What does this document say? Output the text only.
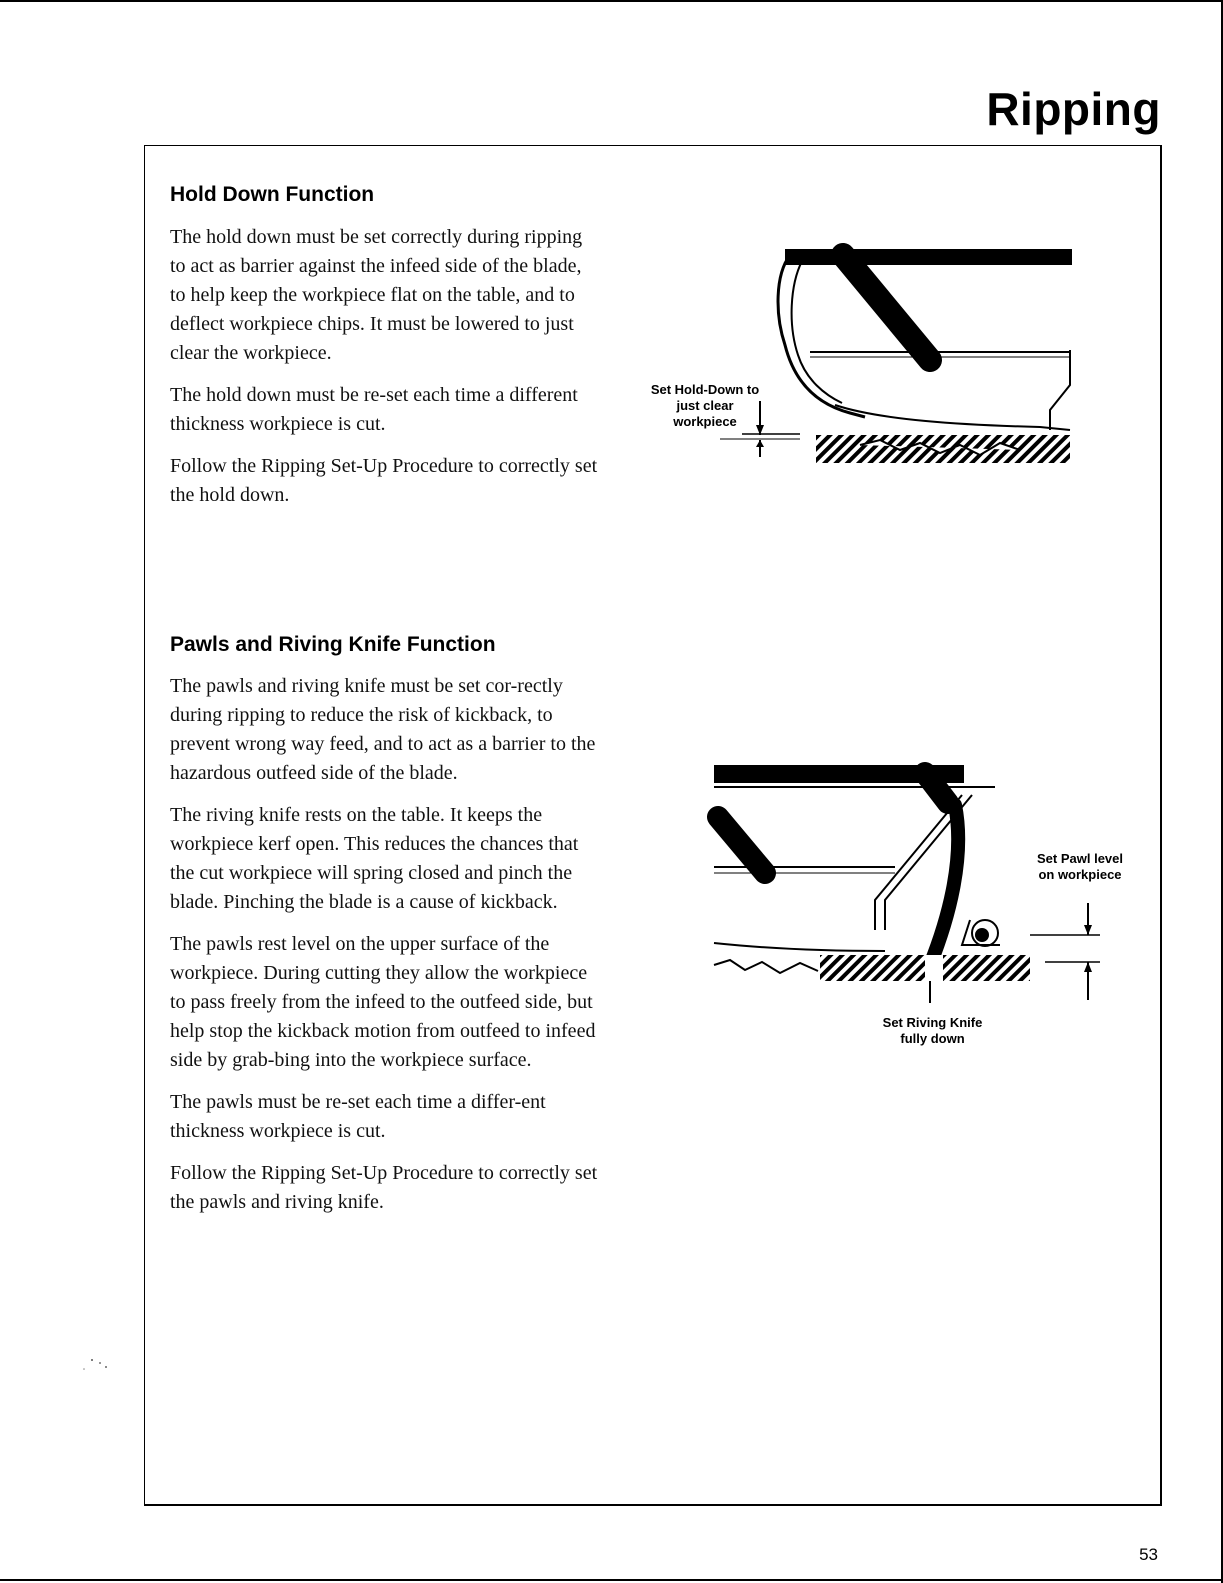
Ripping
Hold Down Function

The hold down must be set correctly during ripping to act as barrier against the infeed side of the blade, to help keep the workpiece flat on the table, and to deflect workpiece chips. It must be lowered to just clear the workpiece.

The hold down must be re-set each time a different thickness workpiece is cut.

Follow the Ripping Set-Up Procedure to correctly set the hold down.

Set Hold-Down to
just clear
workpiece
Pawls and Riving Knife Function

The pawls and riving knife must be set cor-rectly during ripping to reduce the risk of kickback, to prevent wrong way feed, and to act as a barrier to the hazardous outfeed side of the blade.

The riving knife rests on the table. It keeps the workpiece kerf open. This reduces the chances that the cut workpiece will spring closed and pinch the blade. Pinching the blade is a cause of kickback.

The pawls rest level on the upper surface of the workpiece. During cutting they allow the workpiece to pass freely from the infeed to the outfeed side, but help stop the kickback motion from outfeed to infeed side by grab-bing into the workpiece surface.

The pawls must be re-set each time a differ-ent thickness workpiece is cut.

Follow the Ripping Set-Up Procedure to correctly set the pawls and riving knife.

Set Pawl level
on workpiece
Set Riving Knife
fully down
53
